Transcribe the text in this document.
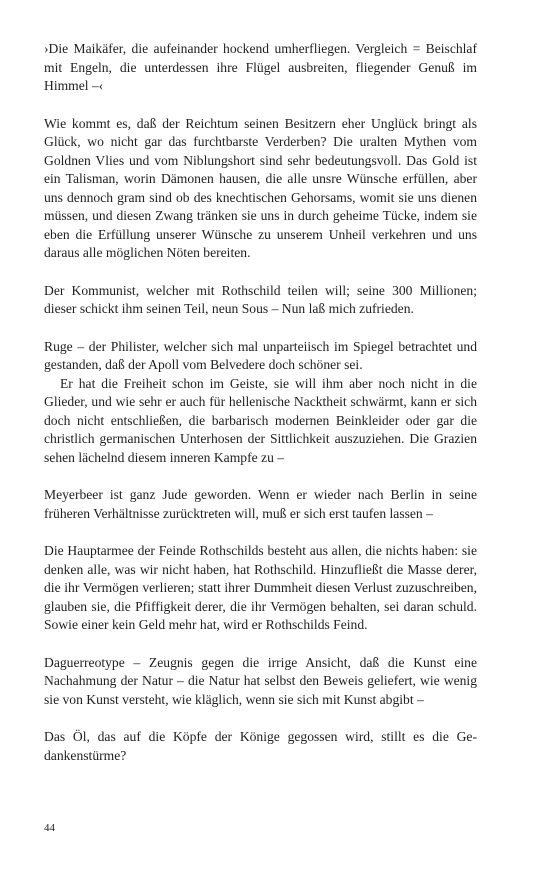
›Die Maikäfer, die aufeinander hockend umherfliegen. Vergleich = Beischlaf mit Engeln, die unterdessen ihre Flügel ausbreiten, fliegender Genuß im Himmel –‹

Wie kommt es, daß der Reichtum seinen Besitzern eher Unglück bringt als Glück, wo nicht gar das furchtbarste Verderben? Die uralten Mythen vom Goldnen Vlies und vom Niblungshort sind sehr bedeutungsvoll. Das Gold ist ein Talisman, worin Dämonen hausen, die alle unsre Wünsche erfüllen, aber uns dennoch gram sind ob des knechtischen Gehorsams, womit sie uns dienen müssen, und diesen Zwang tränken sie uns in durch geheime Tücke, indem sie eben die Erfüllung unserer Wünsche zu unserem Unheil verkehren und uns daraus alle möglichen Nöten bereiten.

Der Kommunist, welcher mit Rothschild teilen will; seine 300 Millionen; dieser schickt ihm seinen Teil, neun Sous – Nun laß mich zufrieden.

Ruge – der Philister, welcher sich mal unparteiisch im Spiegel betrachtet und gestanden, daß der Apoll vom Belvedere doch schöner sei.

Er hat die Freiheit schon im Geiste, sie will ihm aber noch nicht in die Glieder, und wie sehr er auch für hellenische Nacktheit schwärmt, kann er sich doch nicht entschließen, die barbarisch modernen Beinkleider oder gar die christlich germanischen Unterhosen der Sittlichkeit auszuziehen. Die Grazien sehen lächelnd diesem inneren Kampfe zu –

Meyerbeer ist ganz Jude geworden. Wenn er wieder nach Berlin in seine früheren Verhältnisse zurücktreten will, muß er sich erst taufen lassen –

Die Hauptarmee der Feinde Rothschilds besteht aus allen, die nichts haben: sie denken alle, was wir nicht haben, hat Rothschild. Hinzufließt die Masse derer, die ihr Vermögen verlieren; statt ihrer Dummheit diesen Verlust zuzuschreiben, glauben sie, die Pfiffigkeit derer, die ihr Vermögen behalten, sei daran schuld. Sowie einer kein Geld mehr hat, wird er Rothschilds Feind.

Daguerreotype – Zeugnis gegen die irrige Ansicht, daß die Kunst eine Nachahmung der Natur – die Natur hat selbst den Beweis geliefert, wie wenig sie von Kunst versteht, wie kläglich, wenn sie sich mit Kunst abgibt –

Das Öl, das auf die Köpfe der Könige gegossen wird, stillt es die Gedankenstürme?

44
